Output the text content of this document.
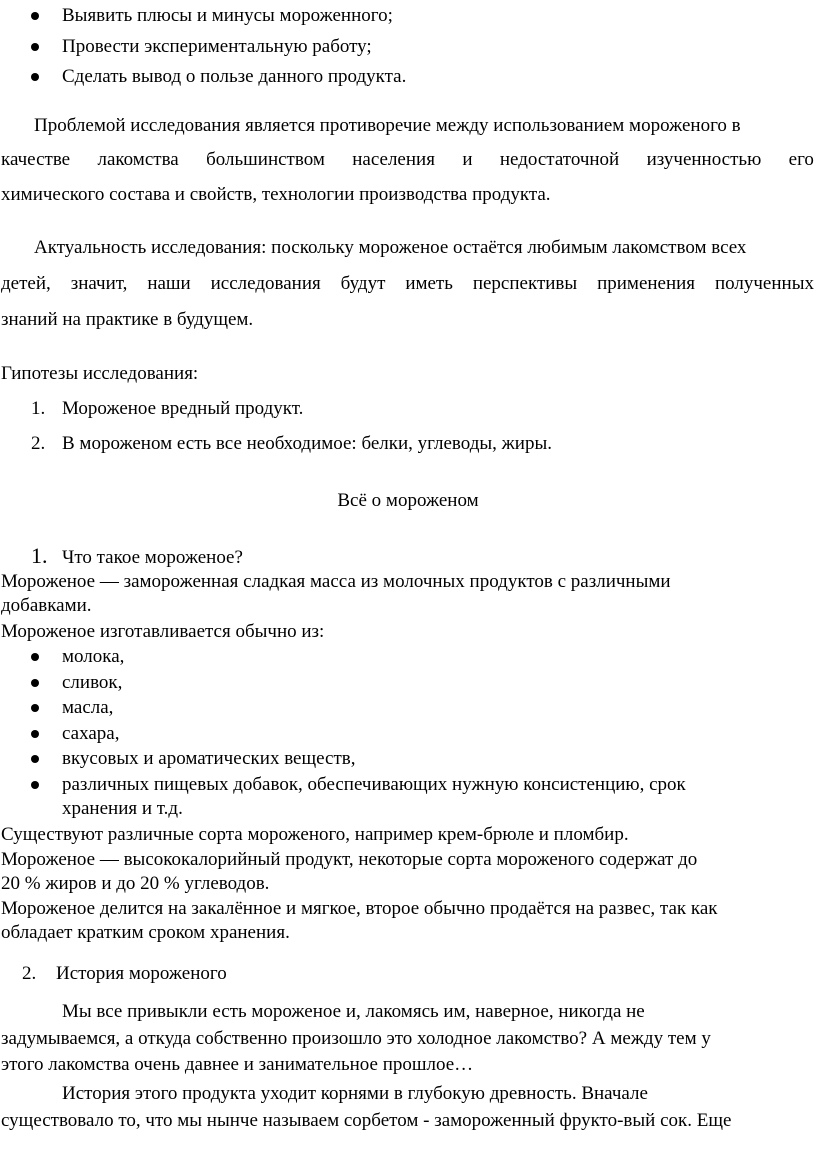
Выявить плюсы и минусы мороженного;
Провести экспериментальную работу;
Сделать вывод о пользе данного продукта.
Проблемой исследования является противоречие между использованием мороженого в
качестве лакомства большинством населения и недостаточной изученностью его
химического состава и свойств, технологии производства продукта.
Актуальность исследования: поскольку мороженое остаётся любимым лакомством всех
детей, значит, наши исследования будут иметь перспективы применения полученных
знаний на практике в будущем.
Гипотезы исследования:
1. Мороженое вредный продукт.
2. В мороженом есть все необходимое: белки, углеводы, жиры.
Всё о мороженом
1. Что такое мороженое?
Мороженое — замороженная сладкая масса из молочных продуктов с различными
добавками.
Мороженое изготавливается обычно из:
молока,
сливок,
масла,
сахара,
вкусовых и ароматических веществ,
различных пищевых добавок, обеспечивающих нужную консистенцию, срок
хранения и т.д.
Существуют различные сорта мороженого, например крем-брюле и пломбир.
Мороженое — высококалорийный продукт, некоторые сорта мороженого содержат до
20 % жиров и до 20 % углеводов.
Мороженое делится на закалённое и мягкое, второе обычно продаётся на развес, так как
обладает кратким сроком хранения.
2. История мороженого
Мы все привыкли есть мороженое и, лакомясь им, наверное, никогда не
задумываемся, а откуда собственно произошло это холодное лакомство? А между тем у
этого лакомства очень давнее и занимательное прошлое…
История этого продукта уходит корнями в глубокую древность. Вначале
существовало то, что мы нынче называем сорбетом - замороженный фрукто-вый сок. Еще
